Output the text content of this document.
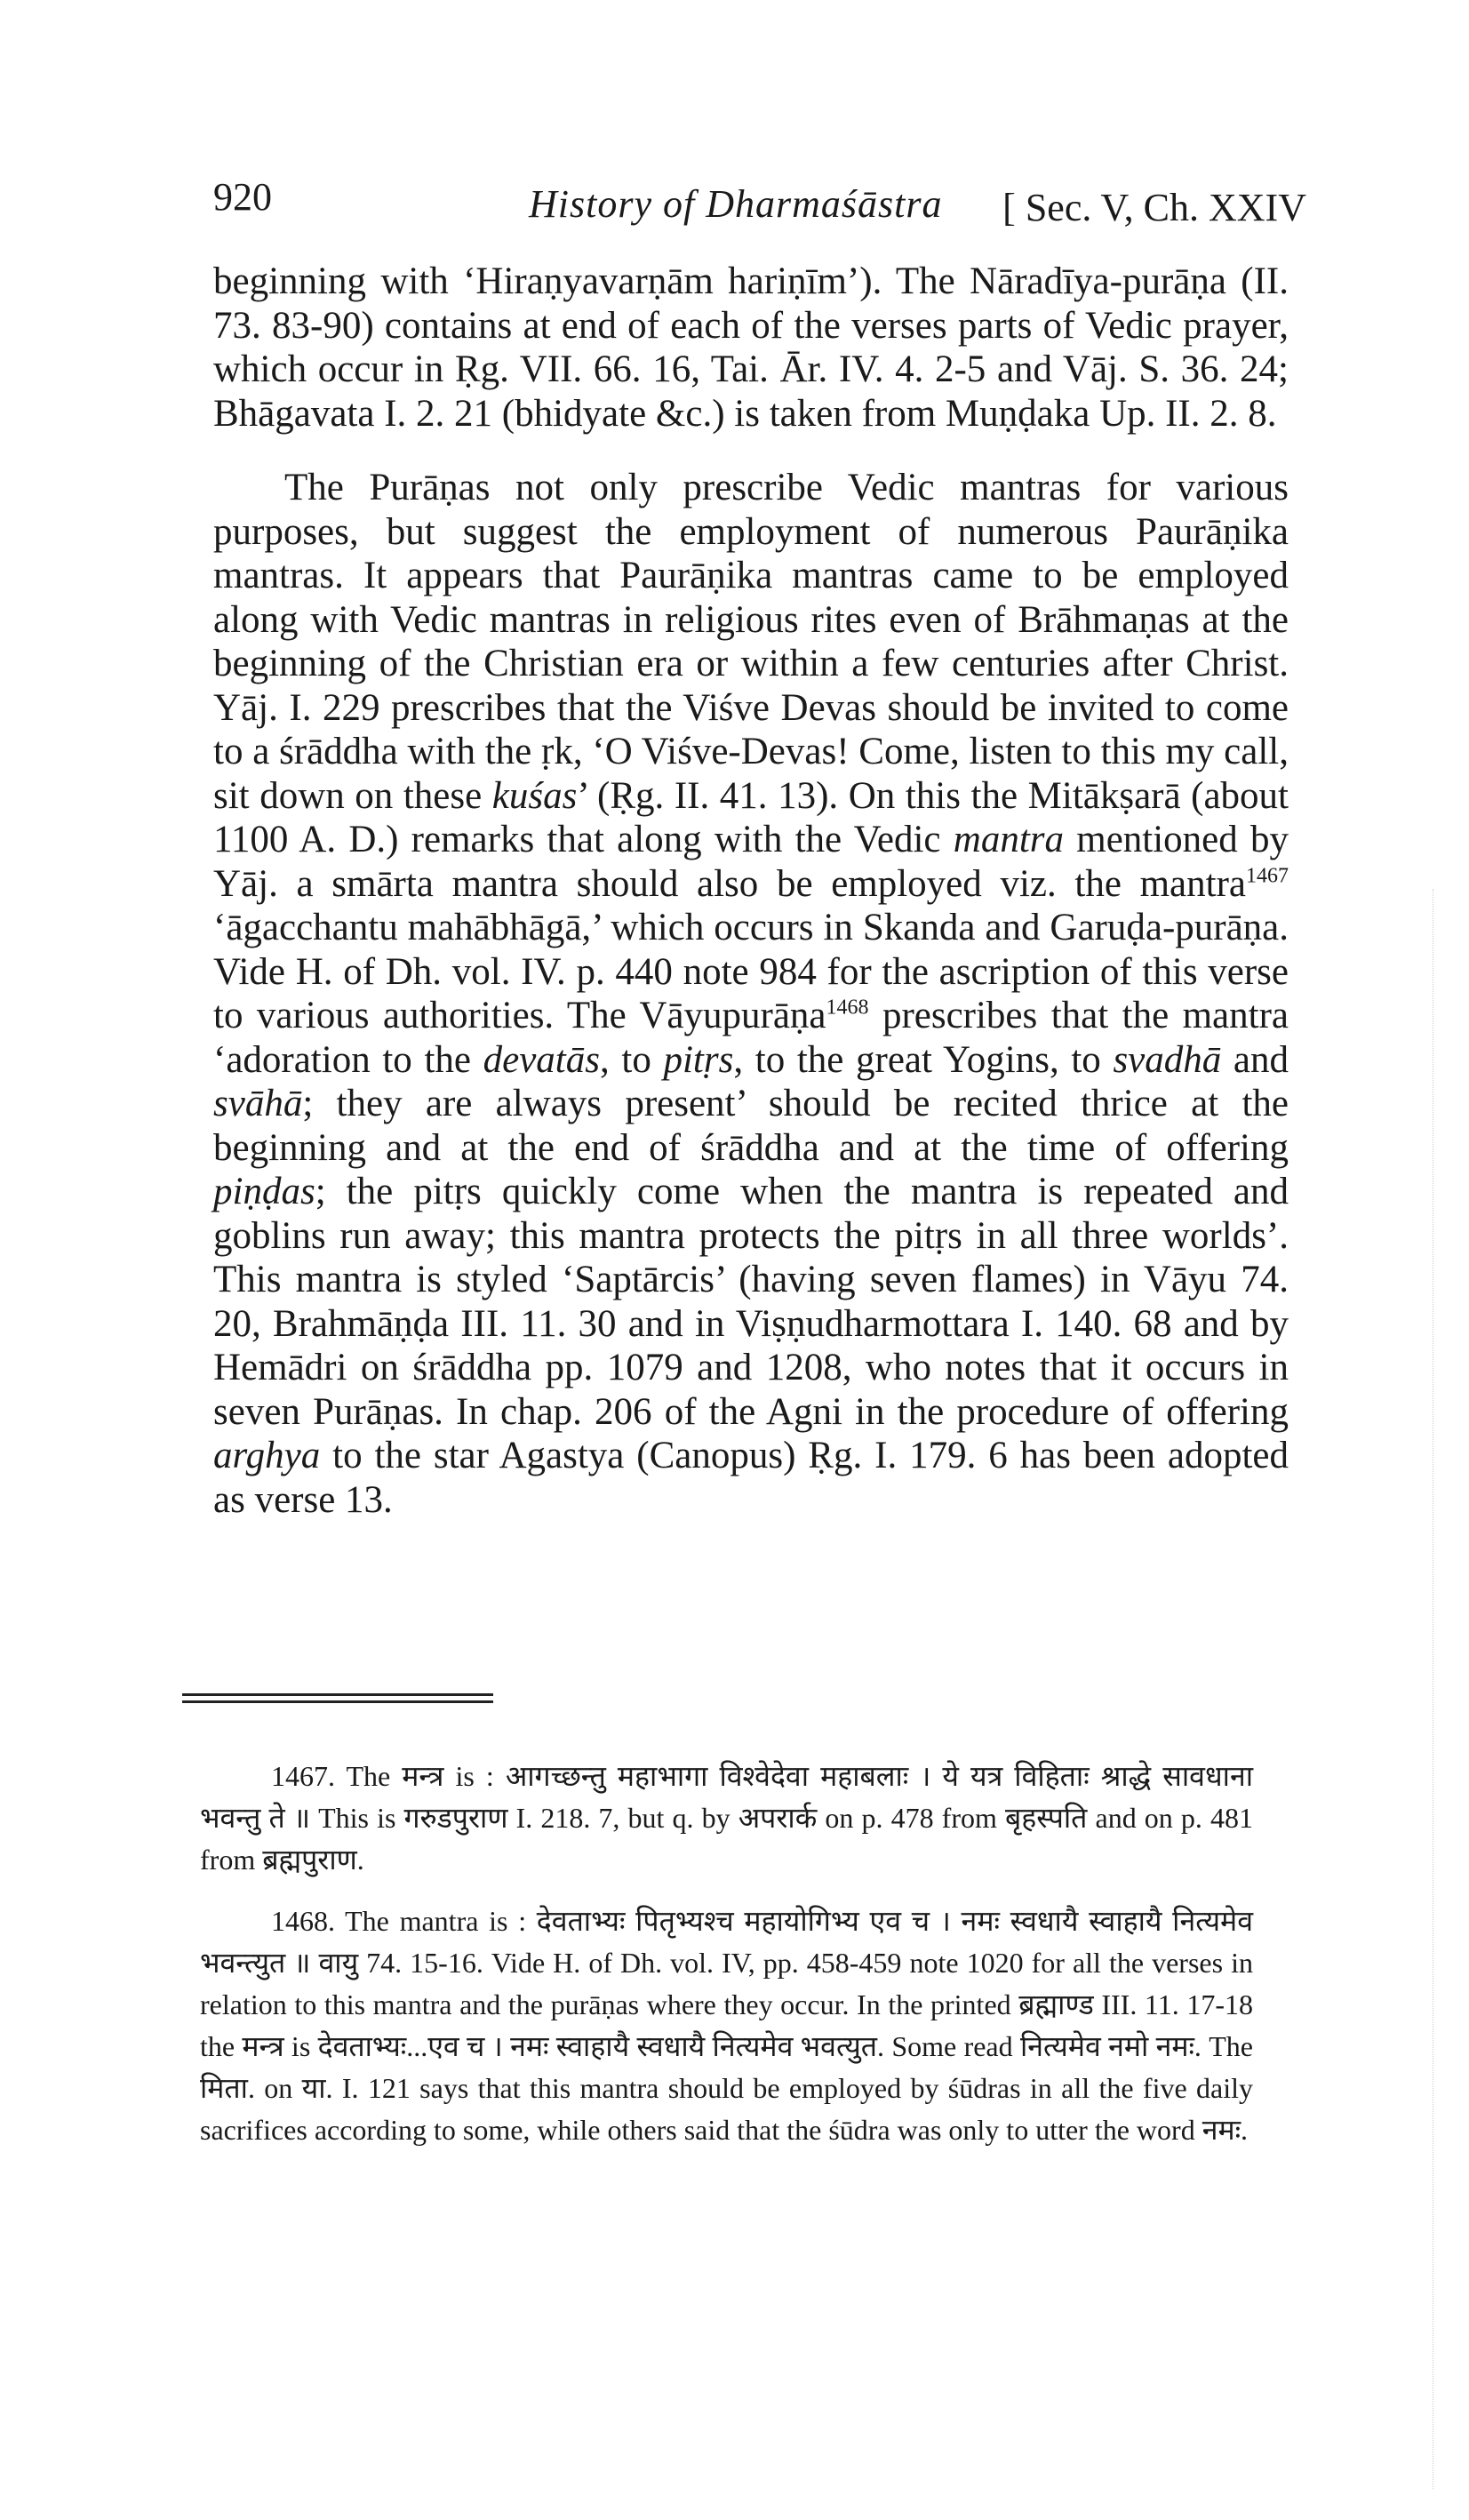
920	History of Dharmaśāstra [ Sec. V, Ch. XXIV

beginning with ‘Hiraṇyavarṇām hariṇīm’). The Nāradīya-purāṇa (II. 73. 83-90) contains at end of each of the verses parts of Vedic prayer, which occur in Ṛg. VII. 66. 16, Tai. Ār. IV. 4. 2-5 and Vāj. S. 36. 24; Bhāgavata I. 2. 21 (bhidyate &c.) is taken from Muṇḍaka Up. II. 2. 8.

The Purāṇas not only prescribe Vedic mantras for various purposes, but suggest the employment of numerous Paurāṇika mantras. It appears that Paurāṇika mantras came to be employed along with Vedic mantras in religious rites even of Brāhmaṇas at the beginning of the Christian era or within a few centuries after Christ. Yāj. I. 229 prescribes that the Viśve Devas should be invited to come to a śrāddha with the ṛk, ‘O Viśve-Devas! Come, listen to this my call, sit down on these kuśas’ (Ṛg. II. 41. 13). On this the Mitākṣarā (about 1100 A. D.) remarks that along with the Vedic mantra mentioned by Yāj. a smārta mantra should also be employed viz. the mantra$^{1467}$ ‘āgacchantu mahābhāgā,’ which occurs in Skanda and Garuḍa-purāṇa. Vide H. of Dh. vol. IV. p. 440 note 984 for the ascription of this verse to various authorities. The Vāyupurāṇa$^{1468}$ prescribes that the mantra ‘adoration to the devatās, to pitṛs, to the great Yogins, to svadhā and svāhā; they are always present’ should be recited thrice at the beginning and at the end of śrāddha and at the time of offering piṇḍas; the pitṛs quickly come when the mantra is repeated and goblins run away; this mantra protects the pitṛs in all three worlds’. This mantra is styled ‘Saptārcis’ (having seven flames) in Vāyu 74. 20, Brahmāṇḍa III. 11. 30 and in Viṣṇudharmottara I. 140. 68 and by Hemādri on śrāddha pp. 1079 and 1208, who notes that it occurs in seven Purāṇas. In chap. 206 of the Agni in the procedure of offering arghya to the star Agastya (Canopus) Ṛg. I. 179. 6 has been adopted as verse 13.

1467. The मन्त्र is : आगच्छन्तु महाभागा विश्वेदेवा महाबलाः । ये यत्र विहिताः श्राद्धे सावधाना भवन्तु ते ॥ This is गरुडपुराण I. 218. 7, but q. by अपरार्क on p. 478 from बृहस्पति and on p. 481 from ब्रह्मपुराण.

1468. The mantra is : देवताभ्यः पितृभ्यश्च महायोगिभ्य एव च । नमः स्वधायै स्वाहायै नित्यमेव भवन्त्युत ॥ वायु 74. 15-16. Vide H. of Dh. vol. IV, pp. 458-459 note 1020 for all the verses in relation to this mantra and the purāṇas where they occur. In the printed ब्रह्माण्ड III. 11. 17-18 the मन्त्र is देवताभ्यः...एव च । नमः स्वाहायै स्वधायै नित्यमेव भवत्युत. Some read नित्यमेव नमो नमः. The मिता. on या. I. 121 says that this mantra should be employed by śūdras in all the five daily sacrifices according to some, while others said that the śūdra was only to utter the word नमः.
